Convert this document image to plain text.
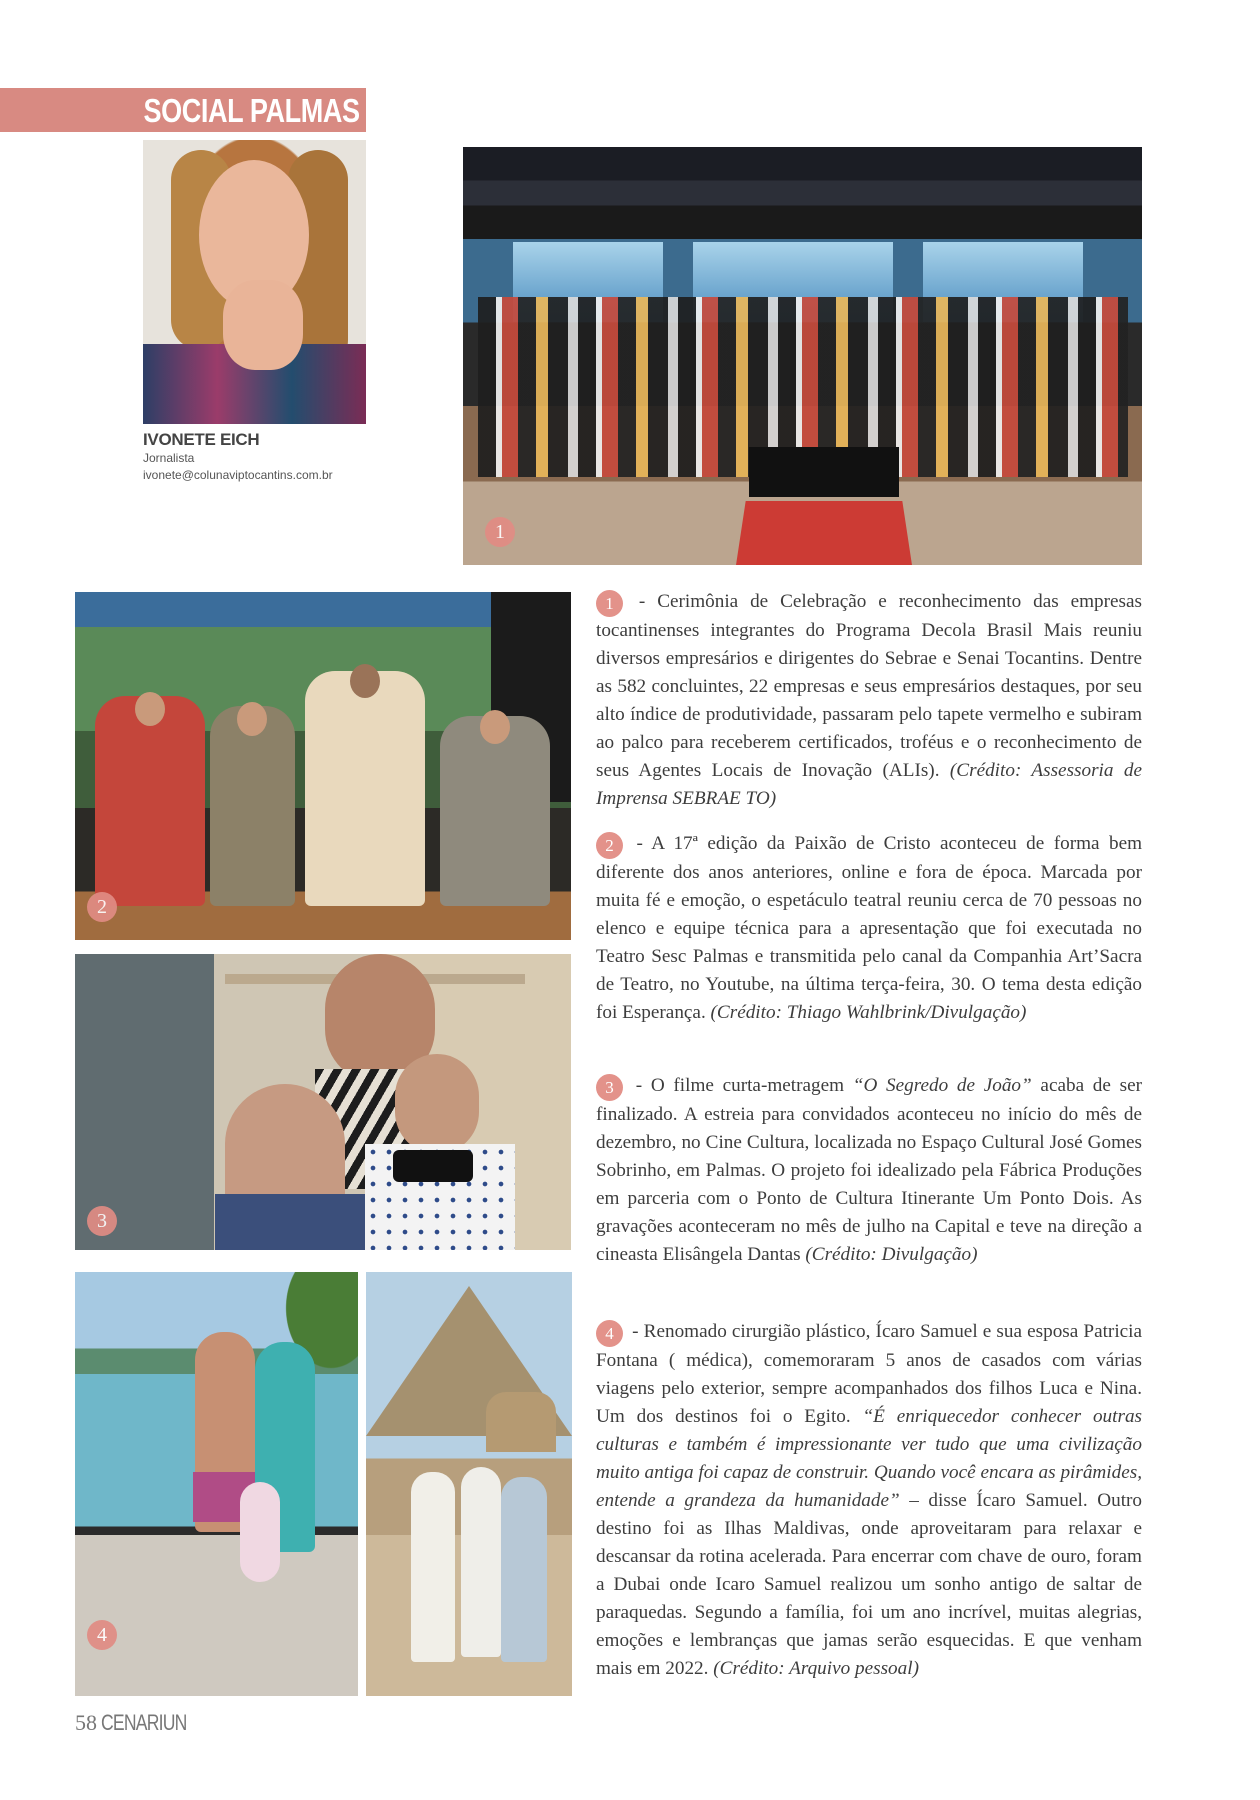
SOCIAL PALMAS
IVONETE EICH
Jornalista
ivonete@colunaviptocantins.com.br
1
2
3
4

1 - Cerimônia de Celebração e reconhecimento das empresas tocantinenses integrantes do Programa Decola Brasil Mais reuniu diversos empresários e dirigentes do Sebrae e Senai Tocantins. Dentre as 582 concluintes, 22 empresas e seus empresários destaques, por seu alto índice de produtividade, passaram pelo tapete vermelho e subiram ao palco para receberem certificados, troféus e o reconhecimento de seus Agentes Locais de Inovação (ALIs). (Crédito: Assessoria de Imprensa SEBRAE TO)

2 - A 17ª edição da Paixão de Cristo aconteceu de forma bem diferente dos anos anteriores, online e fora de época. Marcada por muita fé e emoção, o espetáculo teatral reuniu cerca de 70 pessoas no elenco e equipe técnica para a apresentação que foi executada no Teatro Sesc Palmas e transmitida pelo canal da Companhia Art’Sacra de Teatro, no Youtube, na última terça-feira, 30. O tema desta edição foi Esperança. (Crédito: Thiago Wahlbrink/Divulgação)

3 - O filme curta-metragem “O Segredo de João” acaba de ser finalizado. A estreia para convidados aconteceu no início do mês de dezembro, no Cine Cultura, localizada no Espaço Cultural José Gomes Sobrinho, em Palmas. O projeto foi idealizado pela Fábrica Produções em parceria com o Ponto de Cultura Itinerante Um Ponto Dois. As gravações aconteceram no mês de julho na Capital e teve na direção a cineasta Elisângela Dantas (Crédito: Divulgação)

4 - Renomado cirurgião plástico, Ícaro Samuel e sua esposa Patricia Fontana ( médica), comemoraram 5 anos de casados com várias viagens pelo exterior, sempre acompanhados dos filhos Luca e Nina. Um dos destinos foi o Egito. “É enriquecedor conhecer outras culturas e também é impressionante ver tudo que uma civilização muito antiga foi capaz de construir. Quando você encara as pirâmides, entende a grandeza da humanidade” – disse Ícaro Samuel. Outro destino foi as Ilhas Maldivas, onde aproveitaram para relaxar e descansar da rotina acelerada. Para encerrar com chave de ouro, foram a Dubai onde Icaro Samuel realizou um sonho antigo de saltar de paraquedas. Segundo a família, foi um ano incrível, muitas alegrias, emoções e lembranças que jamas serão esquecidas. E que venham mais em 2022. (Crédito: Arquivo pessoal)

58 CENARIUN
